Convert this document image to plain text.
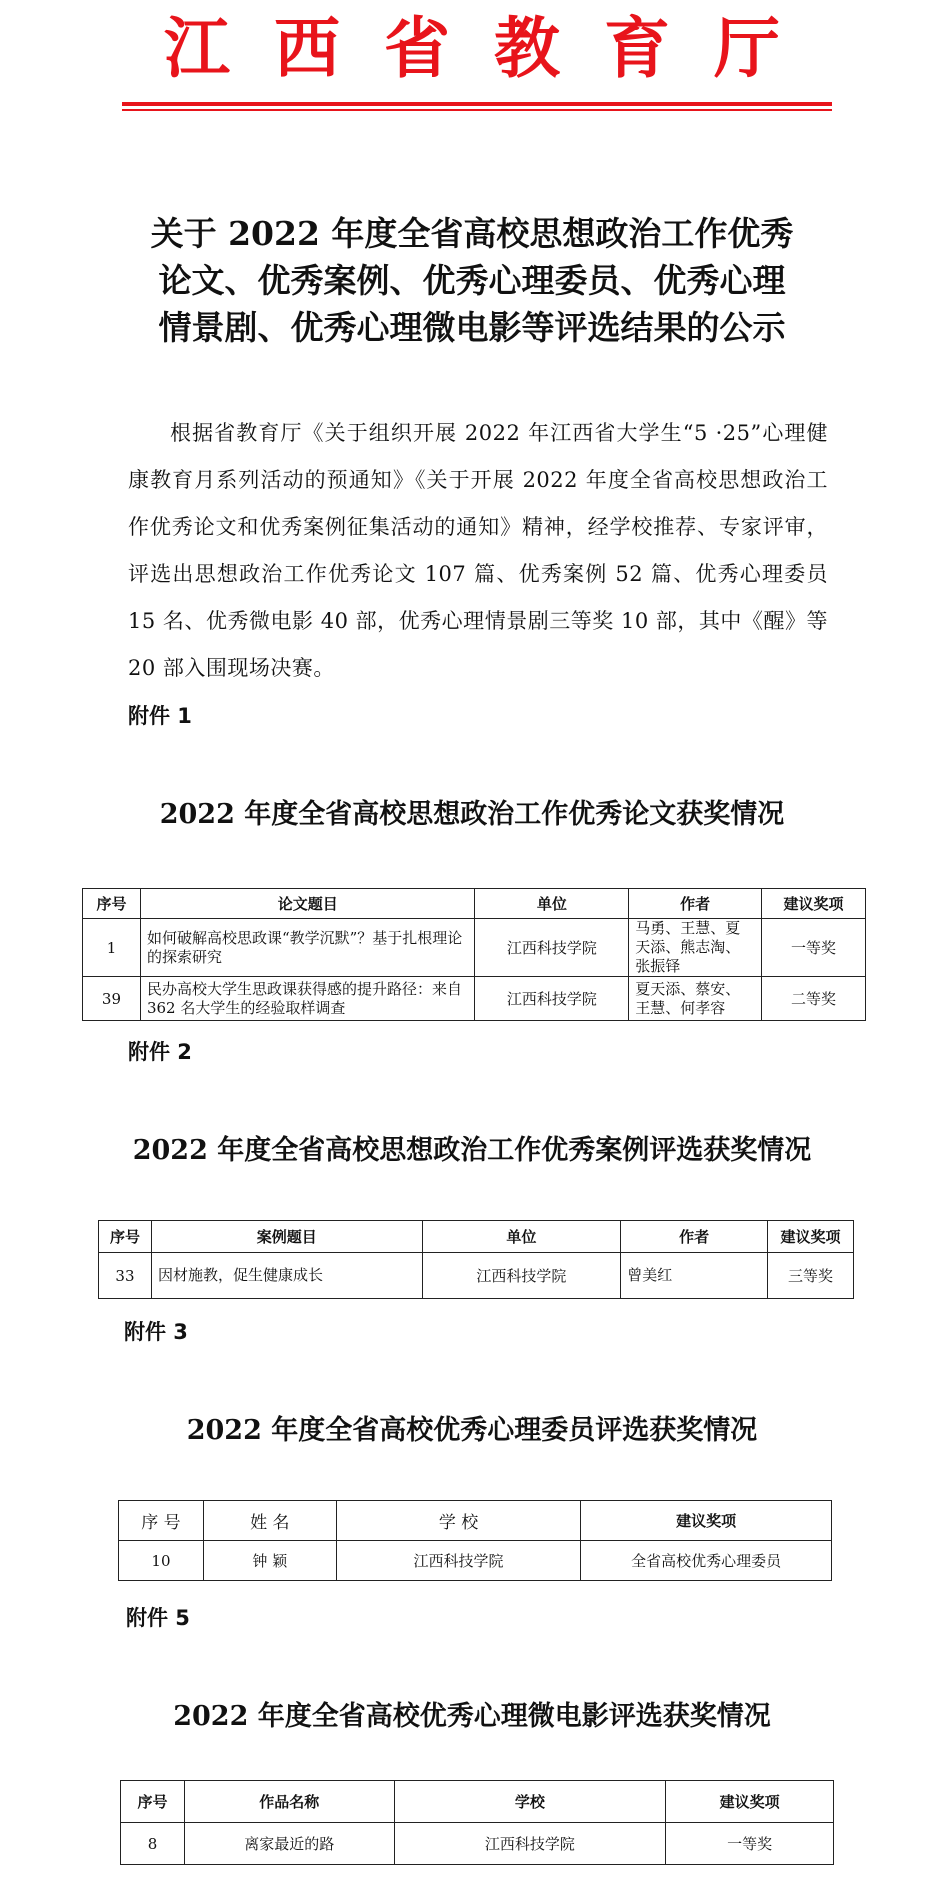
江西省教育厅
关于 2022 年度全省高校思想政治工作优秀
论文、优秀案例、优秀心理委员、优秀心理
情景剧、优秀心理微电影等评选结果的公示
根据省教育厅《关于组织开展 2022 年江西省大学生“5 ·25”心理健康教育月系列活动的预通知》《关于开展 2022 年度全省高校思想政治工作优秀论文和优秀案例征集活动的通知》精神，经学校推荐、专家评审，评选出思想政治工作优秀论文 107 篇、优秀案例 52 篇、优秀心理委员 15 名、优秀微电影 40 部，优秀心理情景剧三等奖 10 部，其中《醒》等 20 部入围现场决赛。
附件 1
2022 年度全省高校思想政治工作优秀论文获奖情况
序号	论文题目	单位	作者	建议奖项
1	如何破解高校思政课“教学沉默”？基于扎根理论的探索研究	江西科技学院	马勇、王慧、夏天添、熊志淘、张振铎	一等奖
39	民办高校大学生思政课获得感的提升路径：来自 362 名大学生的经验取样调查	江西科技学院	夏天添、蔡安、王慧、何孝容	二等奖
附件 2
2022 年度全省高校思想政治工作优秀案例评选获奖情况
序号	案例题目	单位	作者	建议奖项
33	因材施教，促生健康成长	江西科技学院	曾美红	三等奖
附件 3
2022 年度全省高校优秀心理委员评选获奖情况
序 号	姓 名	学 校	建议奖项
10	钟 颖	江西科技学院	全省高校优秀心理委员
附件 5
2022 年度全省高校优秀心理微电影评选获奖情况
序号	作品名称	学校	建议奖项
8	离家最近的路	江西科技学院	一等奖
